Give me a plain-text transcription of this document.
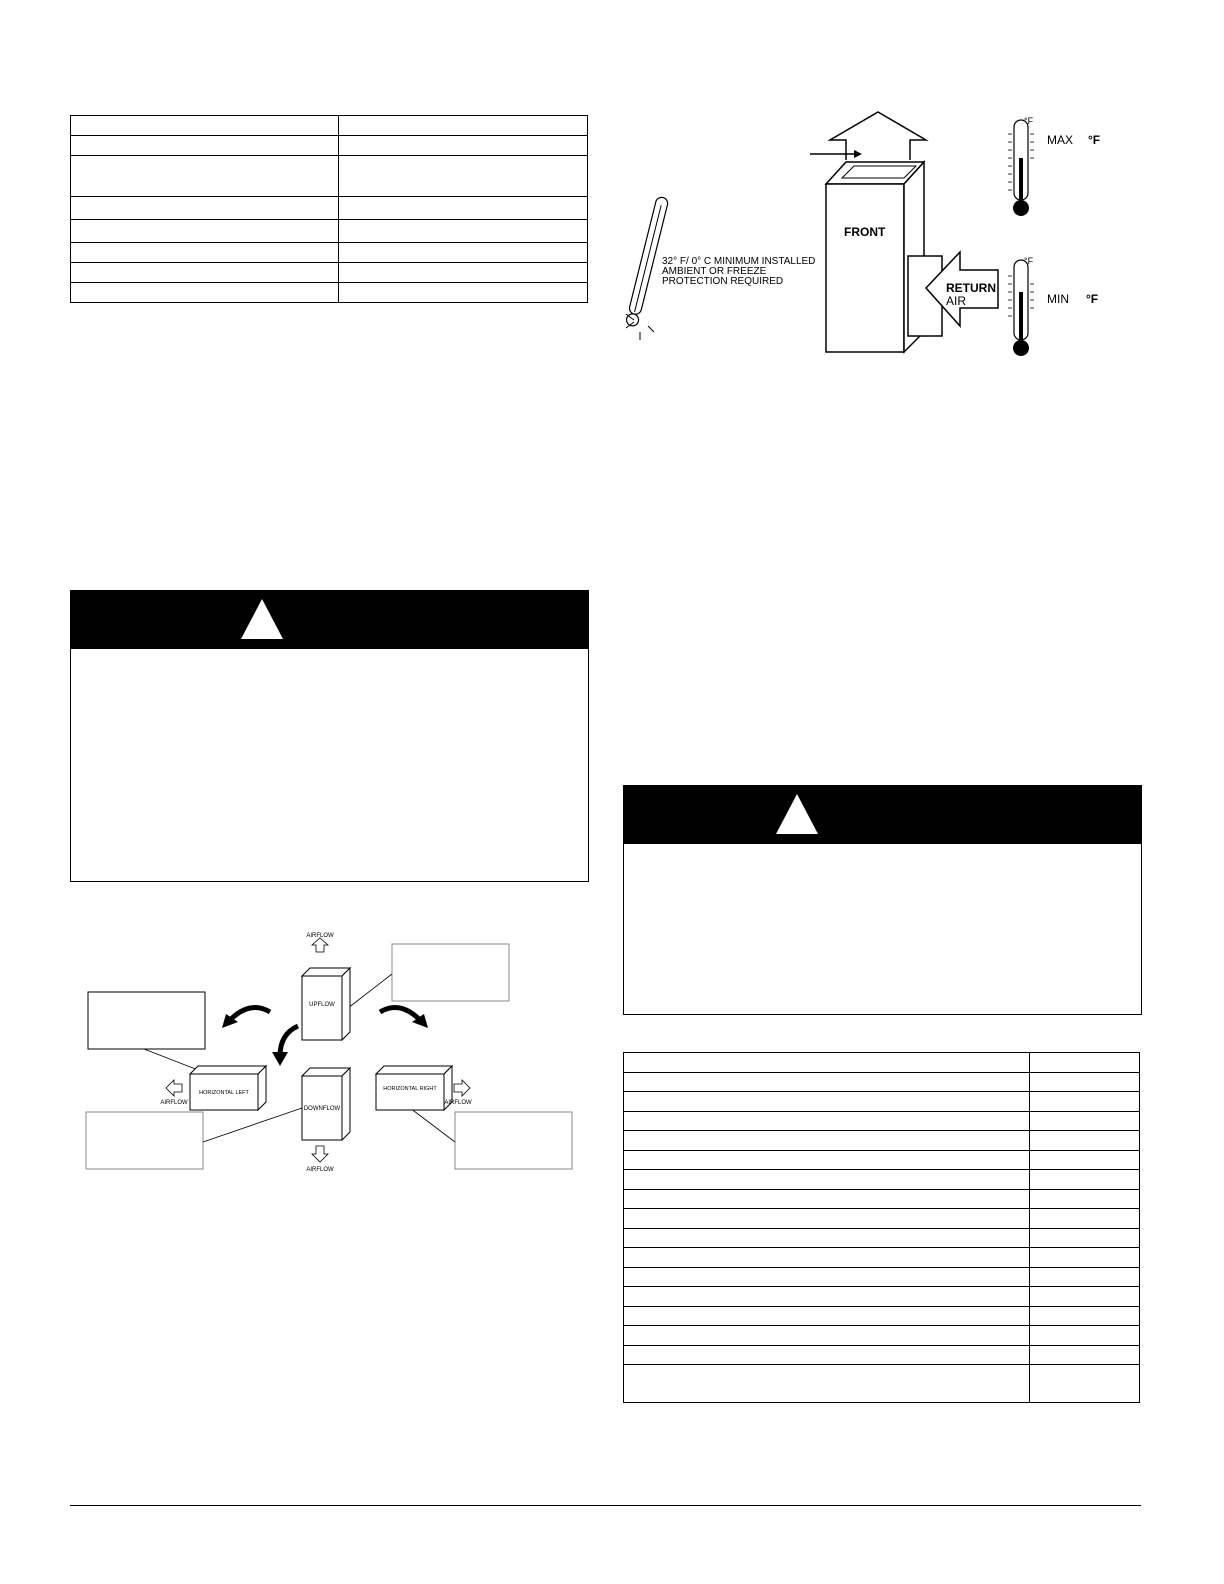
FRONT
RETURN
AIR
32° F/ 0° C MINIMUM INSTALLED
AMBIENT OR FREEZE
PROTECTION REQUIRED
°F
MAX °F
°F
MIN °F
UPFLOW
AIRFLOW
DOWNFLOW
AIRFLOW
HORIZONTAL LEFT
AIRFLOW
HORIZONTAL RIGHT
AIRFLOW
